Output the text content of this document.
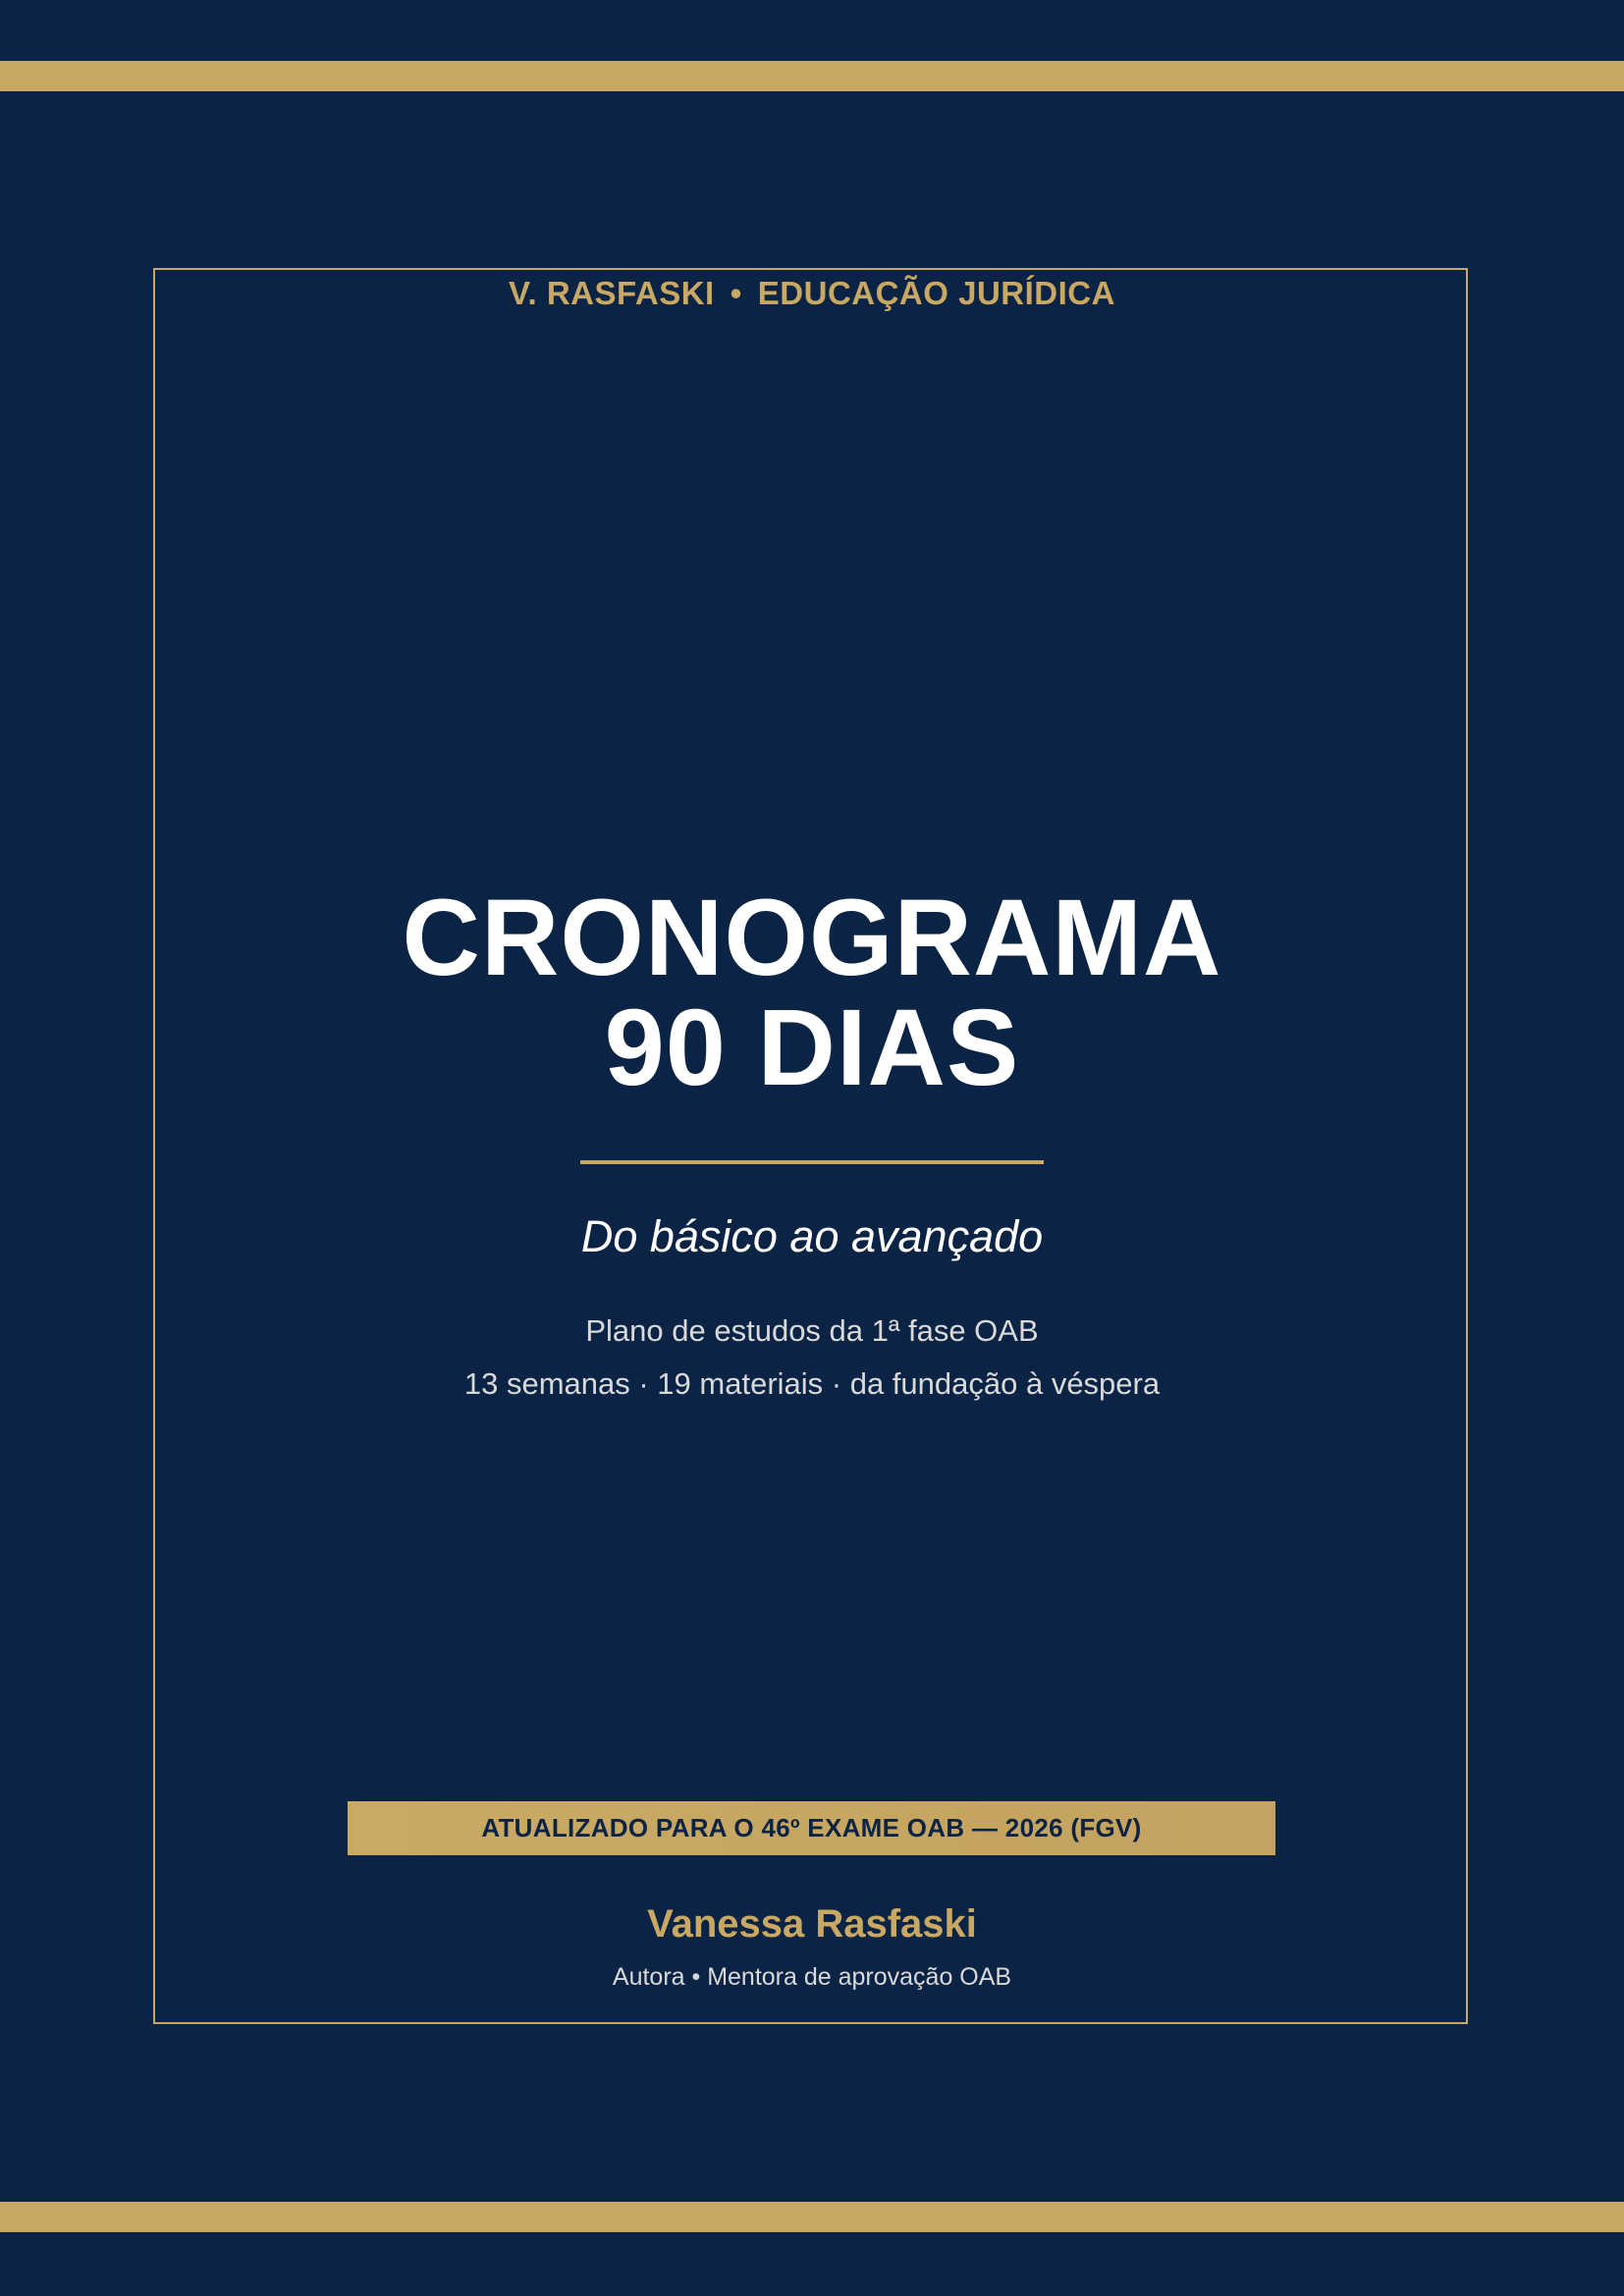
V. RASFASKI • EDUCAÇÃO JURÍDICA
CRONOGRAMA
90 DIAS
Do básico ao avançado
Plano de estudos da 1ª fase OAB
13 semanas · 19 materiais · da fundação à véspera
ATUALIZADO PARA O 46º EXAME OAB — 2026 (FGV)
Vanessa Rasfaski
Autora • Mentora de aprovação OAB
